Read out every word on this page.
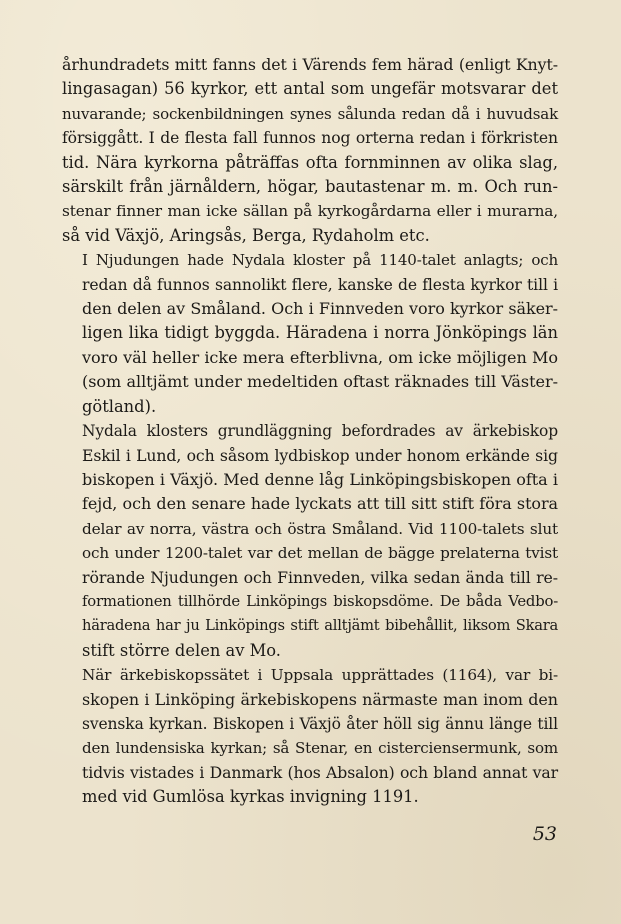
århundradets mitt fanns det i Värends fem härad (enligt Knyt-
lingasagan) 56 kyrkor, ett antal som ungefär motsvarar det
nuvarande; sockenbildningen synes sålunda redan då i huvudsak
försiggått. I de flesta fall funnos nog orterna redan i förkristen
tid. Nära kyrkorna påträffas ofta fornminnen av olika slag,
särskilt från järnåldern, högar, bautastenar m. m. Och run-
stenar finner man icke sällan på kyrkogårdarna eller i murarna,
så vid Växjö, Aringsås, Berga, Rydaholm etc.

I Njudungen hade Nydala kloster på 1140-talet anlagts; och
redan då funnos sannolikt flere, kanske de flesta kyrkor till i
den delen av Småland. Och i Finnveden voro kyrkor säker-
ligen lika tidigt byggda. Häradena i norra Jönköpings län
voro väl heller icke mera efterblivna, om icke möjligen Mo
(som alltjämt under medeltiden oftast räknades till Väster-
götland).

Nydala klosters grundläggning befordrades av ärkebiskop
Eskil i Lund, och såsom lydbiskop under honom erkände sig
biskopen i Växjö. Med denne låg Linköpingsbiskopen ofta i
fejd, och den senare hade lyckats att till sitt stift föra stora
delar av norra, västra och östra Småland. Vid 1100-talets slut
och under 1200-talet var det mellan de bägge prelaterna tvist
rörande Njudungen och Finnveden, vilka sedan ända till re-
formationen tillhörde Linköpings biskopsdöme. De båda Vedbo-
häradena har ju Linköpings stift alltjämt bibehållit, liksom Skara
stift större delen av Mo.

När ärkebiskopssätet i Uppsala upprättades (1164), var bi-
skopen i Linköping ärkebiskopens närmaste man inom den
svenska kyrkan. Biskopen i Växjö åter höll sig ännu länge till
den lundensiska kyrkan; så Stenar, en cisterciensermunk, som
tidvis vistades i Danmark (hos Absalon) och bland annat var
med vid Gumlösa kyrkas invigning 1191.

53
